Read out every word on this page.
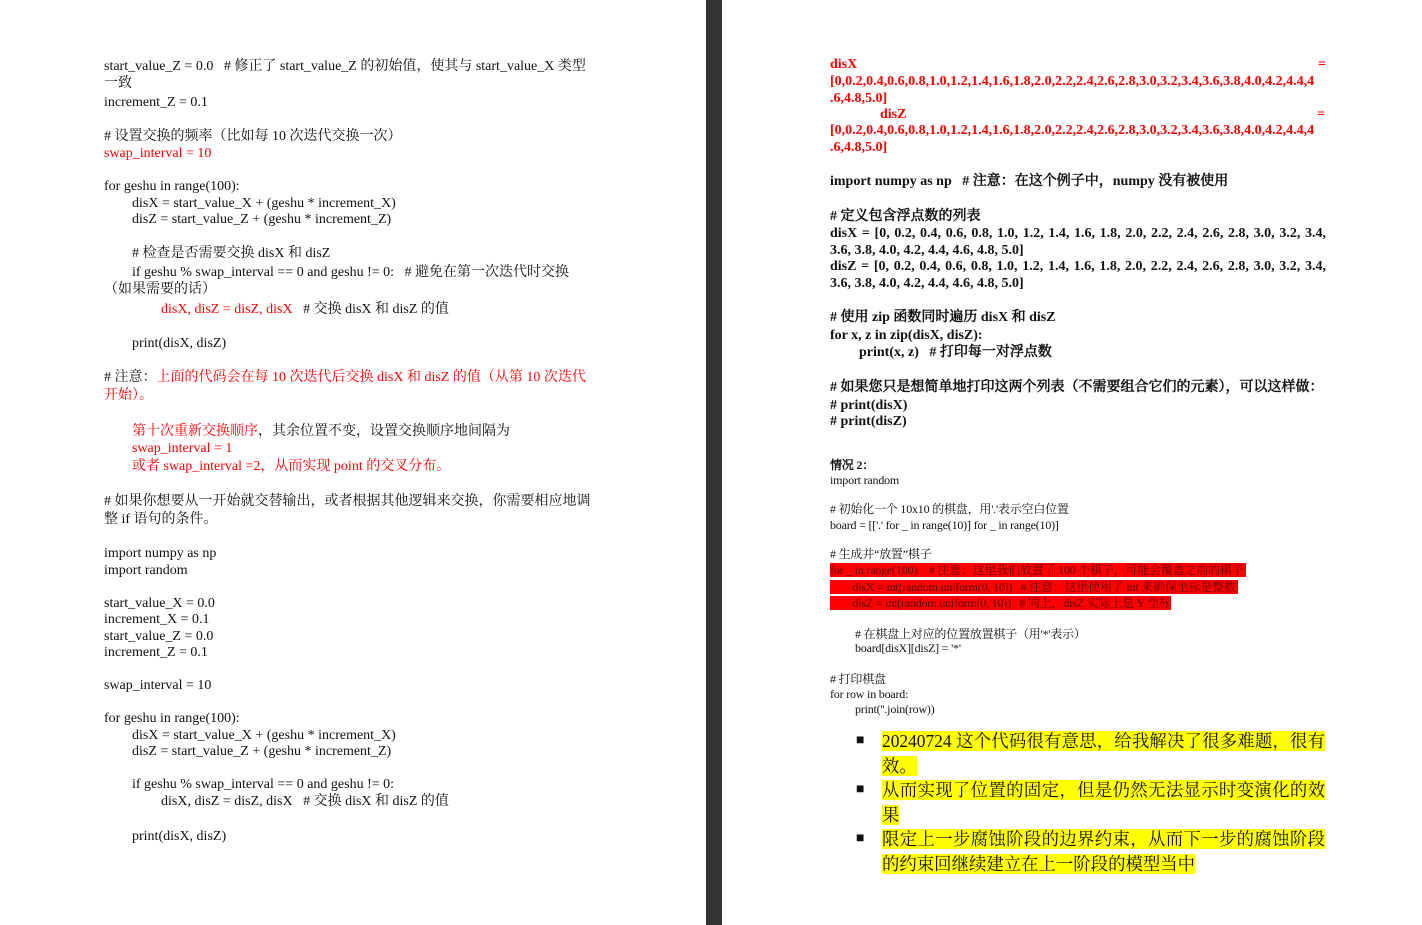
■	20240724 这个代码很有意思，给我解决了很多难题，很有效。
■	从而实现了位置的固定，但是仍然无法显示时变演化的效果
■	限定上一步腐蚀阶段的边界约束，从而下一步的腐蚀阶段的约束回继续建立在上一阶段的模型当中
start_value_Z = 0.0   # 修正了 start_value_Z 的初始值，使其与 start_value_X 类型
一致
increment_Z = 0.1
# 设置交换的频率（比如每 10 次迭代交换一次）
swap_interval = 10
for geshu in range(100):
disX = start_value_X + (geshu * increment_X)
disZ = start_value_Z + (geshu * increment_Z)
# 检查是否需要交换 disX 和 disZ
if geshu % swap_interval == 0 and geshu != 0:   # 避免在第一次迭代时交换
（如果需要的话）
disX, disZ = disZ, disX   # 交换 disX 和 disZ 的值
print(disX, disZ)
# 注意：上面的代码会在每 10 次迭代后交换 disX 和 disZ 的值（从第 10 次迭代
开始）。
第十次重新交换顺序，其余位置不变，设置交换顺序地间隔为
swap_interval = 1
或者 swap_interval =2，从而实现 point 的交叉分布。
# 如果你想要从一开始就交替输出，或者根据其他逻辑来交换，你需要相应地调
整 if 语句的条件。
import numpy as np
import random
start_value_X = 0.0
increment_X = 0.1
start_value_Z = 0.0
increment_Z = 0.1
swap_interval = 10
for geshu in range(100):
disX = start_value_X + (geshu * increment_X)
disZ = start_value_Z + (geshu * increment_Z)
if geshu % swap_interval == 0 and geshu != 0:
disX, disZ = disZ, disX   # 交换 disX 和 disZ 的值
print(disX, disZ)
disX	=
[0,0.2,0.4,0.6,0.8,1.0,1.2,1.4,1.6,1.8,2.0,2.2,2.4,2.6,2.8,3.0,3.2,3.4,3.6,3.8,4.0,4.2,4.4,4
.6,4.8,5.0]
disZ	=
[0,0.2,0.4,0.6,0.8,1.0,1.2,1.4,1.6,1.8,2.0,2.2,2.4,2.6,2.8,3.0,3.2,3.4,3.6,3.8,4.0,4.2,4.4,4
.6,4.8,5.0]
import numpy as np   # 注意：在这个例子中，numpy 没有被使用
# 定义包含浮点数的列表
disX = [0, 0.2, 0.4, 0.6, 0.8, 1.0, 1.2, 1.4, 1.6, 1.8, 2.0, 2.2, 2.4, 2.6, 2.8, 3.0, 3.2, 3.4,
3.6, 3.8, 4.0, 4.2, 4.4, 4.6, 4.8, 5.0]
disZ = [0, 0.2, 0.4, 0.6, 0.8, 1.0, 1.2, 1.4, 1.6, 1.8, 2.0, 2.2, 2.4, 2.6, 2.8, 3.0, 3.2, 3.4,
3.6, 3.8, 4.0, 4.2, 4.4, 4.6, 4.8, 5.0]
# 使用 zip 函数同时遍历 disX 和 disZ
for x, z in zip(disX, disZ):
print(x, z)   # 打印每一对浮点数
# 如果您只是想简单地打印这两个列表（不需要组合它们的元素），可以这样做：
# print(disX)
# print(disZ)
情况 2：
import random
# 初始化一个 10x10 的棋盘，用'.'表示空白位置
board = [['.' for _ in range(10)] for _ in range(10)]
# 生成并“放置”棋子
for _ in range(100):   # 注意：这里我们放置了 100 个棋子，可能会覆盖之前的棋子
disX = int(random.uniform(0, 10))   # 注意：这里使用了 int 来确保坐标是整数
disZ = int(random.uniform(0, 10))   # 同上，disZ 实际上是 Y 坐标
# 在棋盘上对应的位置放置棋子（用'*'表示）
board[disX][disZ] = '*'
# 打印棋盘
for row in board:
print(''.join(row))
